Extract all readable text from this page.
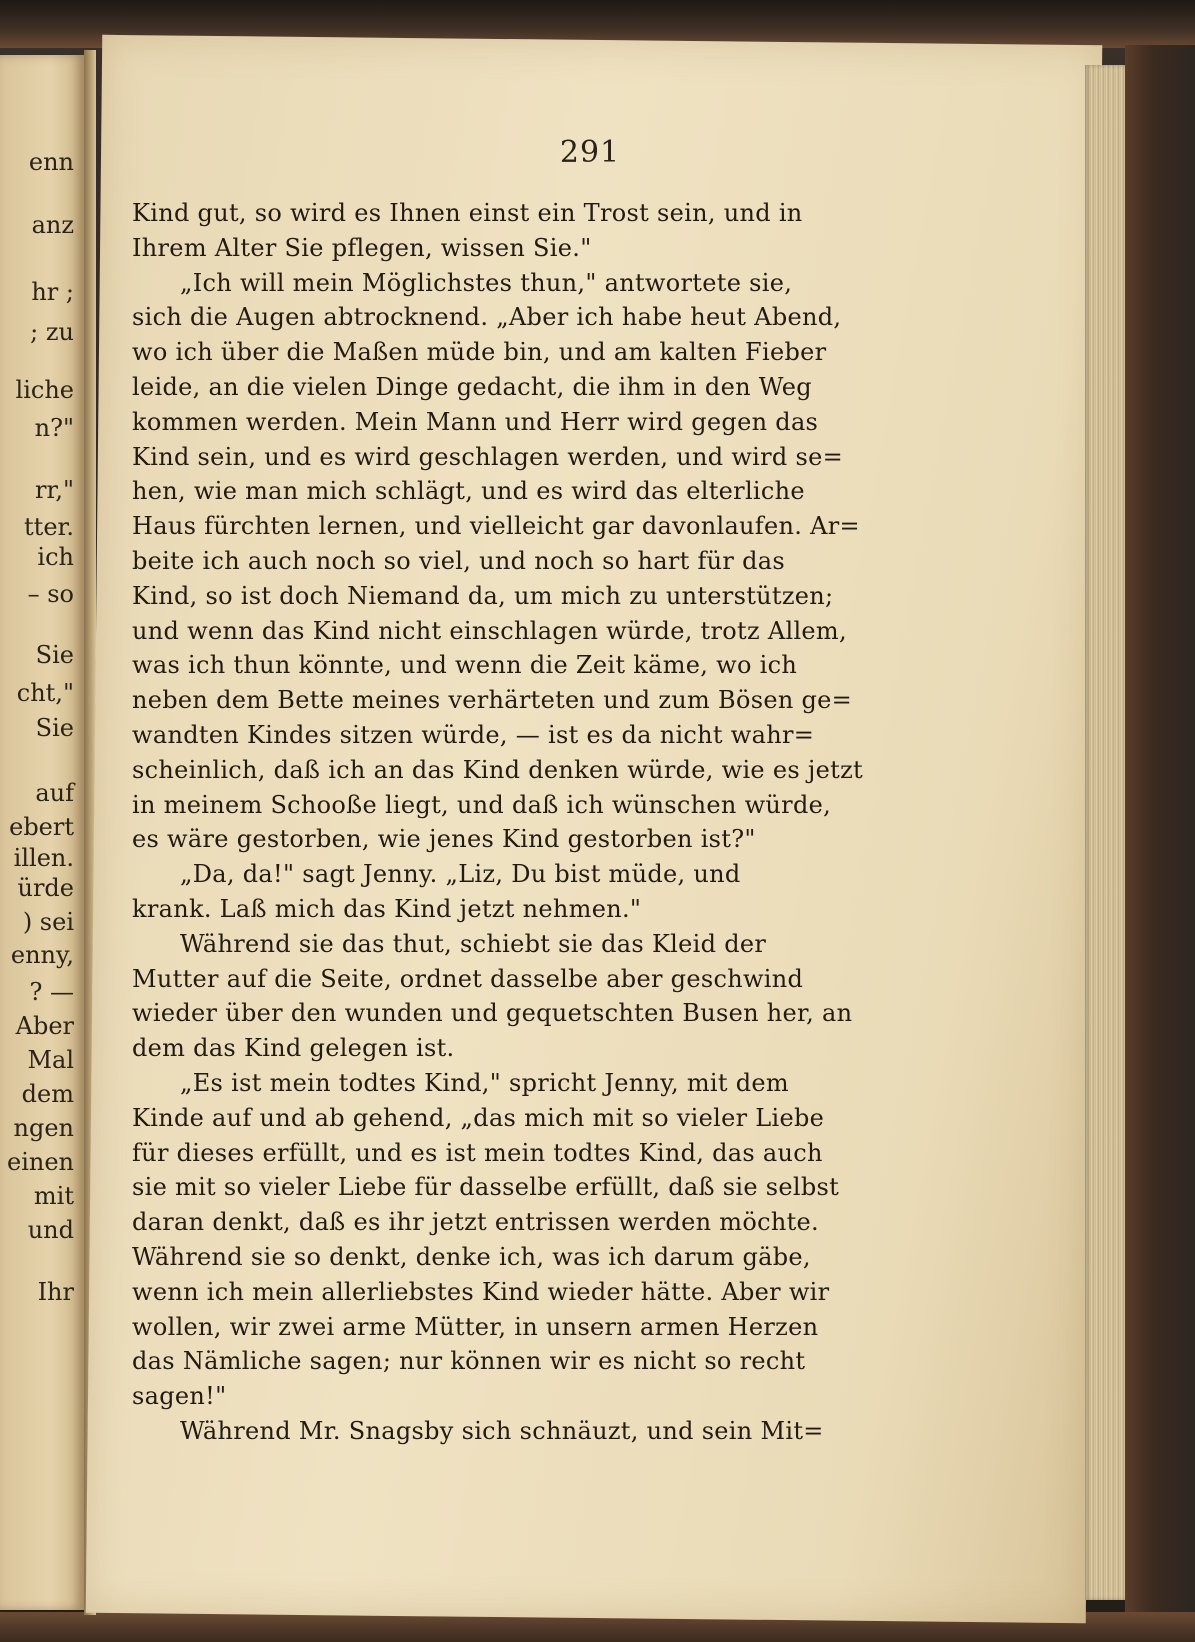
enn
anz
hr ;
; zu
liche
n?"
rr,"
tter.
ich
– so
Sie
cht,"
Sie
auf
ebert
illen.
ürde
) sei
enny,
? —
Aber
Mal
dem
ngen
einen
mit
und
Ihr
291
Kind gut, so wird es Ihnen einst ein Trost sein, und in
Ihrem Alter Sie pflegen, wissen Sie."
„Ich will mein Möglichstes thun," antwortete sie,
sich die Augen abtrocknend. „Aber ich habe heut Abend,
wo ich über die Maßen müde bin, und am kalten Fieber
leide, an die vielen Dinge gedacht, die ihm in den Weg
kommen werden. Mein Mann und Herr wird gegen das
Kind sein, und es wird geschlagen werden, und wird se=
hen, wie man mich schlägt, und es wird das elterliche
Haus fürchten lernen, und vielleicht gar davonlaufen. Ar=
beite ich auch noch so viel, und noch so hart für das
Kind, so ist doch Niemand da, um mich zu unterstützen;
und wenn das Kind nicht einschlagen würde, trotz Allem,
was ich thun könnte, und wenn die Zeit käme, wo ich
neben dem Bette meines verhärteten und zum Bösen ge=
wandten Kindes sitzen würde, — ist es da nicht wahr=
scheinlich, daß ich an das Kind denken würde, wie es jetzt
in meinem Schooße liegt, und daß ich wünschen würde,
es wäre gestorben, wie jenes Kind gestorben ist?"
„Da, da!" sagt Jenny. „Liz, Du bist müde, und
krank. Laß mich das Kind jetzt nehmen."
Während sie das thut, schiebt sie das Kleid der
Mutter auf die Seite, ordnet dasselbe aber geschwind
wieder über den wunden und gequetschten Busen her, an
dem das Kind gelegen ist.
„Es ist mein todtes Kind," spricht Jenny, mit dem
Kinde auf und ab gehend, „das mich mit so vieler Liebe
für dieses erfüllt, und es ist mein todtes Kind, das auch
sie mit so vieler Liebe für dasselbe erfüllt, daß sie selbst
daran denkt, daß es ihr jetzt entrissen werden möchte.
Während sie so denkt, denke ich, was ich darum gäbe,
wenn ich mein allerliebstes Kind wieder hätte. Aber wir
wollen, wir zwei arme Mütter, in unsern armen Herzen
das Nämliche sagen; nur können wir es nicht so recht
sagen!"
Während Mr. Snagsby sich schnäuzt, und sein Mit=
